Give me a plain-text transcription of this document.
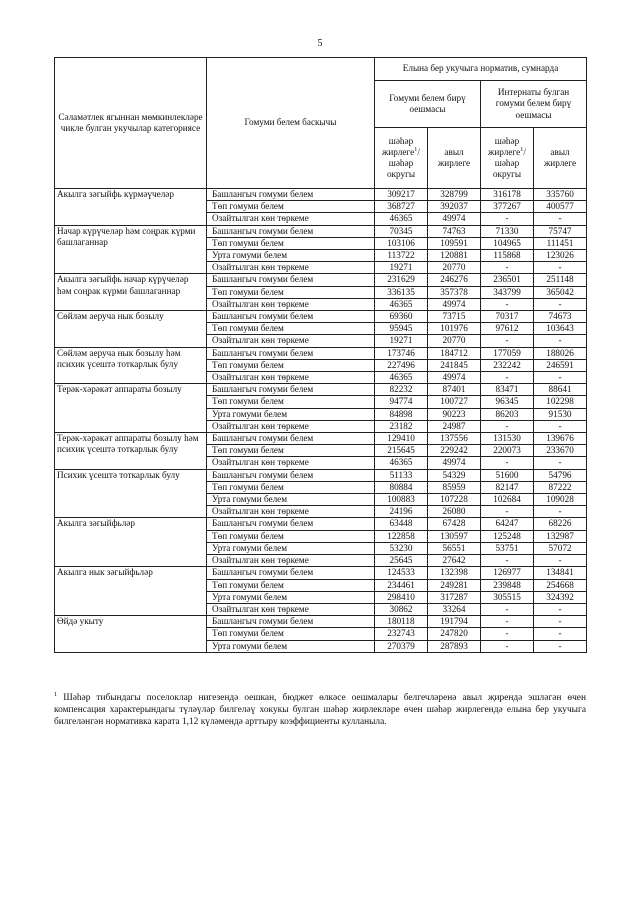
5
Сәламәтлек ягыннан мөмкинлекләре чикле булган укучылар категориясе	Гомуми белем баскычы	Елына бер укучыга норматив, сумнарда			
		Гомуми белем бирү оешмасы		Интернаты булган гомуми белем бирү оешмасы	
		шәһәр жирлеге$^1$/ шәһәр округы	авыл жирлеге	шәһәр жирлеге$^1$/ шәһәр округы	авыл жирлеге
Акылга зәгыйфь күрмәүчеләр	Башлангыч гомуми белем	309217	328799	316178	335760
	Төп гомуми белем	368727	392037	377267	400577
	Озайтылган көн төркеме	46365	49974	-	-
Начар күрүчеләр һәм соңрак күрми башлаганнар	Башлангыч гомуми белем	70345	74763	71330	75747
	Төп гомуми белем	103106	109591	104965	111451
	Урта гомуми белем	113722	120881	115868	123026
	Озайтылган көн төркеме	19271	20770	-	-
Акылга зәгыйфь начар күрүчеләр һәм соңрак күрми башлаганнар	Башлангыч гомуми белем	231629	246276	236501	251148
	Төп гомуми белем	336135	357378	343799	365042
	Озайтылган көн төркеме	46365	49974	-	-
Сөйләм аеруча нык бозылу	Башлангыч гомуми белем	69360	73715	70317	74673
	Төп гомуми белем	95945	101976	97612	103643
	Озайтылган көн төркеме	19271	20770	-	-
Сөйләм аеруча нык бозылу һәм психик үсештә тоткарлык булу	Башлангыч гомуми белем	173746	184712	177059	188026
	Төп гомуми белем	227496	241845	232242	246591
	Озайтылган көн төркеме	46365	49974	-	-
Терәк-хәрәкәт аппараты бозылу	Башлангыч гомуми белем	82232	87401	83471	88641
	Төп гомуми белем	94774	100727	96345	102298
	Урта гомуми белем	84898	90223	86203	91530
	Озайтылган көн төркеме	23182	24987	-	-
Терәк-хәрәкәт аппараты бозылу һәм психик үсештә тоткарлык булу	Башлангыч гомуми белем	129410	137556	131530	139676
	Төп гомуми белем	215645	229242	220073	233670
	Озайтылган көн төркеме	46365	49974	-	-
Психик үсештә тоткарлык булу	Башлангыч гомуми белем	51133	54329	51600	54796
	Төп гомуми белем	80884	85959	82147	87222
	Урта гомуми белем	100883	107228	102684	109028
	Озайтылган көн төркеме	24196	26080	-	-
Акылга зәгыйфьләр	Башлангыч гомуми белем	63448	67428	64247	68226
	Төп гомуми белем	122858	130597	125248	132987
	Урта гомуми белем	53230	56551	53751	57072
	Озайтылган көн төркеме	25645	27642	-	-
Акылга нык зәгыйфьләр	Башлангыч гомуми белем	124533	132398	126977	134841
	Төп гомуми белем	234461	249281	239848	254668
	Урта гомуми белем	298410	317287	305515	324392
	Озайтылган көн төркеме	30862	33264	-	-
Өйдә укыту	Башлангыч гомуми белем	180118	191794	-	-
	Төп гомуми белем	232743	247820	-	-
	Урта гомуми белем	270379	287893	-	-
$^1$ Шәһәр тибындагы поселоклар нигезендә оешкан, бюджет өлкәсе оешмалары белгечләренә авыл җирендә эшләгән өчен компенсация характерындагы түләүләр билгеләү хокукы булган шәһәр жирлекләре өчен шәһәр жирлегендә елына бер укучыга билгеләнгән нормативка карата 1,12 күләмендә арттыру коэффициенты кулланыла.
